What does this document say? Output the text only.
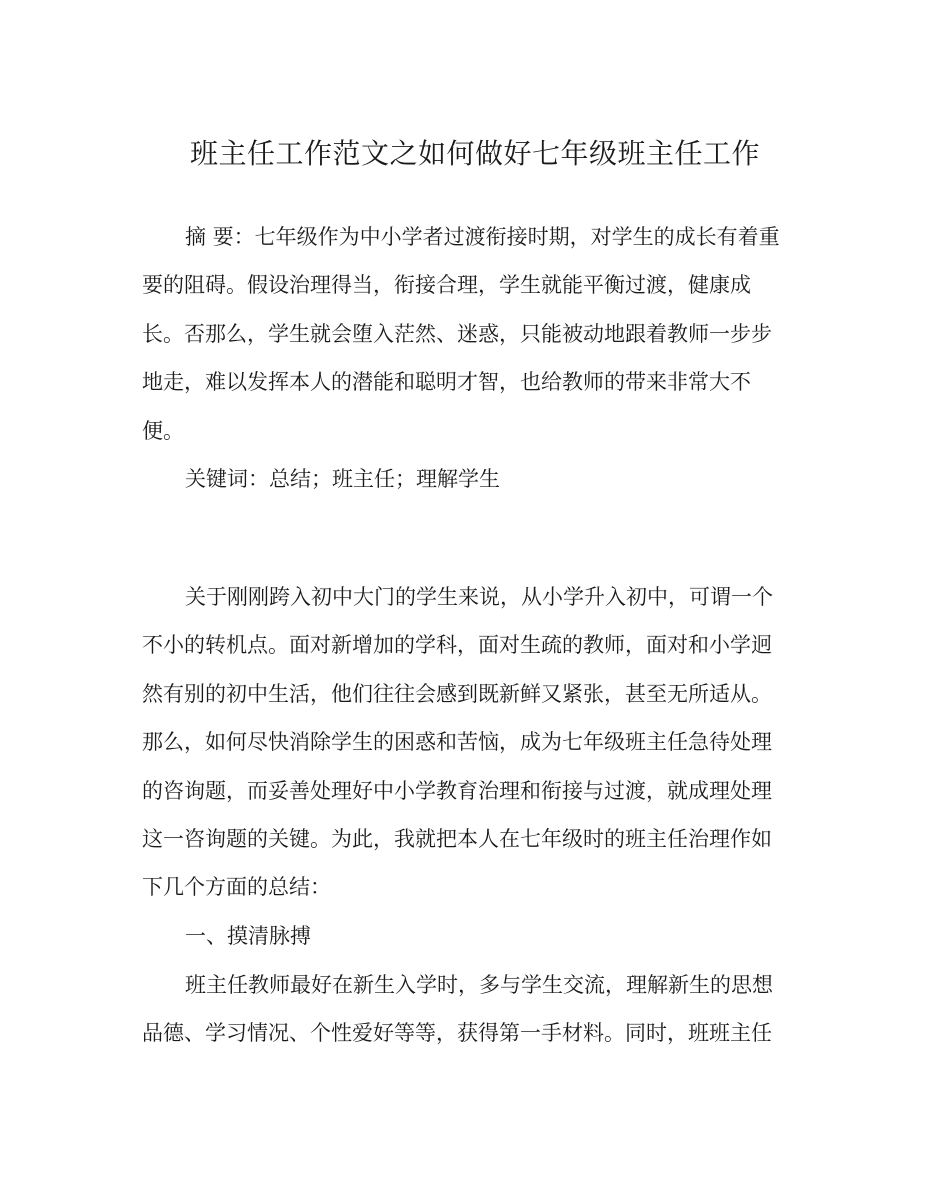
班主任工作范文之如何做好七年级班主任工作
摘 要：七年级作为中小学者过渡衔接时期，对学生的成长有着重
要的阻碍。假设治理得当，衔接合理，学生就能平衡过渡，健康成
长。否那么，学生就会堕入茫然、迷惑，只能被动地跟着教师一步步
地走，难以发挥本人的潜能和聪明才智，也给教师的带来非常大不
便。
关键词：总结；班主任；理解学生
关于刚刚跨入初中大门的学生来说，从小学升入初中，可谓一个
不小的转机点。面对新增加的学科，面对生疏的教师，面对和小学迥
然有别的初中生活，他们往往会感到既新鲜又紧张，甚至无所适从。
那么，如何尽快消除学生的困惑和苦恼，成为七年级班主任急待处理
的咨询题，而妥善处理好中小学教育治理和衔接与过渡，就成理处理
这一咨询题的关键。为此，我就把本人在七年级时的班主任治理作如
下几个方面的总结：
一、摸清脉搏
班主任教师最好在新生入学时，多与学生交流，理解新生的思想
品德、学习情况、个性爱好等等，获得第一手材料。同时，班班主任
